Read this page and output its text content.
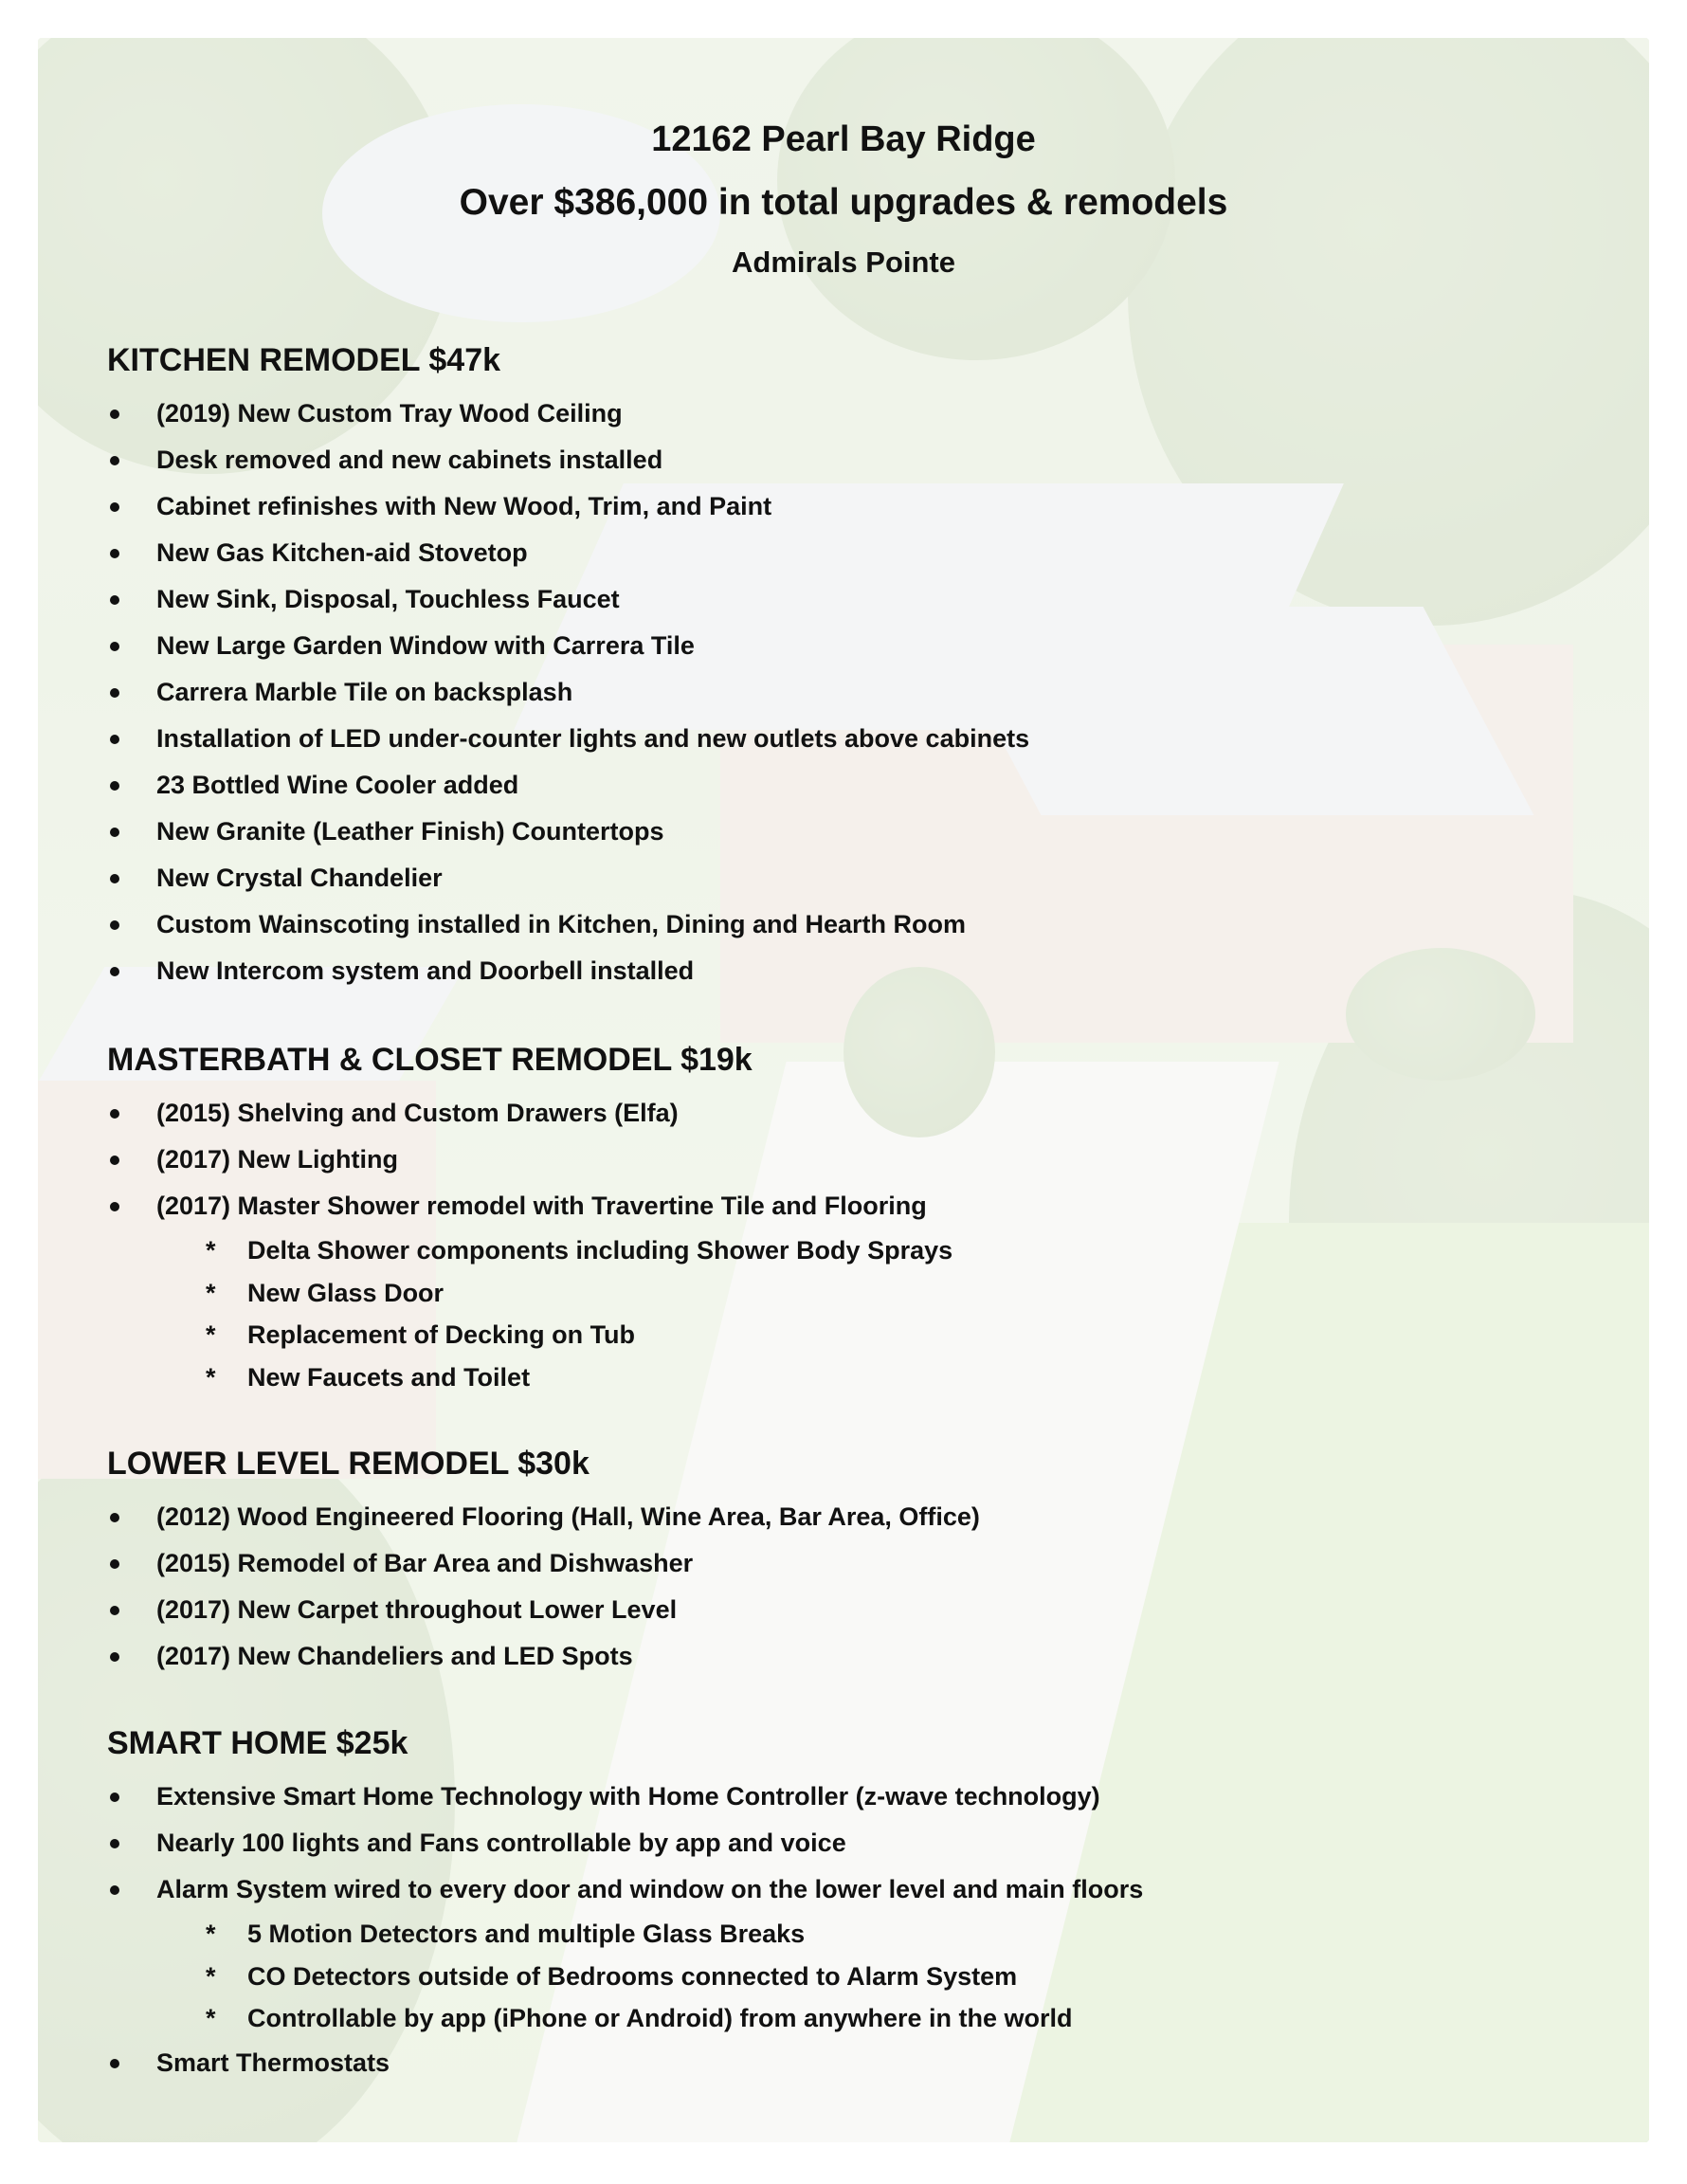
12162 Pearl Bay Ridge
Over $386,000 in total upgrades & remodels
Admirals Pointe
KITCHEN REMODEL $47k
(2019) New Custom Tray Wood Ceiling
Desk removed and new cabinets installed
Cabinet refinishes with New Wood, Trim, and Paint
New Gas Kitchen-aid Stovetop
New Sink, Disposal, Touchless Faucet
New Large Garden Window with Carrera Tile
Carrera Marble Tile on backsplash
Installation of LED under-counter lights and new outlets above cabinets
23 Bottled Wine Cooler added
New Granite (Leather Finish) Countertops
New Crystal Chandelier
Custom Wainscoting installed in Kitchen, Dining and Hearth Room
New Intercom system and Doorbell installed
MASTERBATH & CLOSET REMODEL $19k
(2015) Shelving and Custom Drawers (Elfa)
(2017) New Lighting
(2017) Master Shower remodel with Travertine Tile and Flooring
* Delta Shower components including Shower Body Sprays
* New Glass Door
* Replacement of Decking on Tub
* New Faucets and Toilet
LOWER LEVEL REMODEL $30k
(2012) Wood Engineered Flooring (Hall, Wine Area, Bar Area, Office)
(2015) Remodel of Bar Area and Dishwasher
(2017) New Carpet throughout Lower Level
(2017) New Chandeliers and LED Spots
SMART HOME $25k
Extensive Smart Home Technology with Home Controller (z-wave technology)
Nearly 100 lights and Fans controllable by app and voice
Alarm System wired to every door and window on the lower level and main floors
* 5 Motion Detectors and multiple Glass Breaks
* CO Detectors outside of Bedrooms connected to Alarm System
* Controllable by app (iPhone or Android) from anywhere in the world
Smart Thermostats
